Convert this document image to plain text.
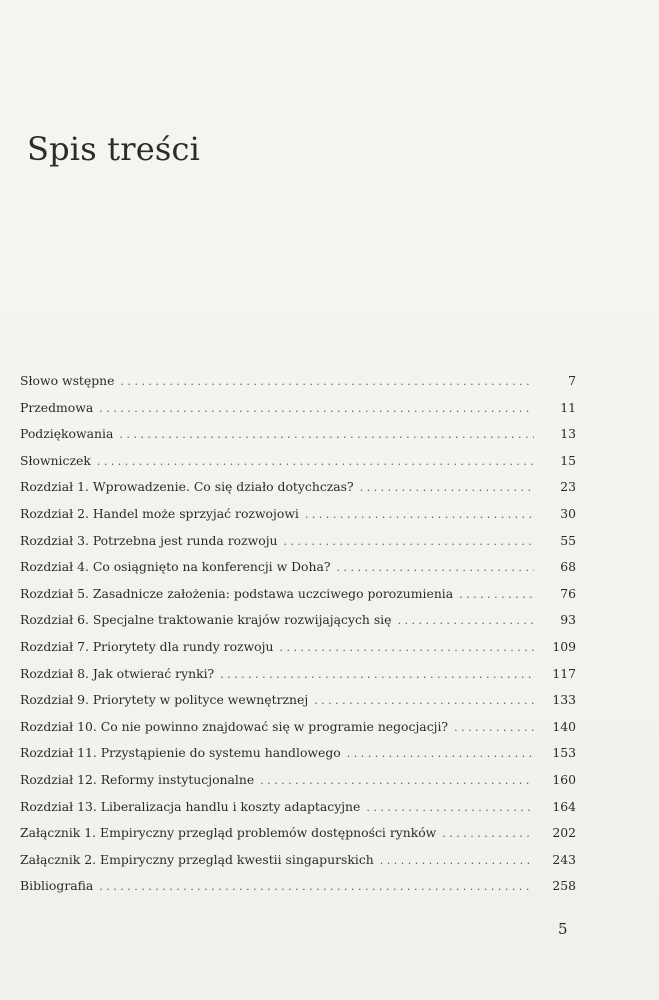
Spis treści
Słowo wstępne . . .	7
Przedmowa . . .	11
Podziękowania . . .	13
Słowniczek . . .	15
Rozdział 1. Wprowadzenie. Co się działo dotychczas? . . .	23
Rozdział 2. Handel może sprzyjać rozwojowi . . .	30
Rozdział 3. Potrzebna jest runda rozwoju . . .	55
Rozdział 4. Co osiągnięto na konferencji w Doha? . . .	68
Rozdział 5. Zasadnicze założenia: podstawa uczciwego porozumienia . . .	76
Rozdział 6. Specjalne traktowanie krajów rozwijających się . . .	93
Rozdział 7. Priorytety dla rundy rozwoju . . .	109
Rozdział 8. Jak otwierać rynki? . . .	117
Rozdział 9. Priorytety w polityce wewnętrznej . . .	133
Rozdział 10. Co nie powinno znajdować się w programie negocjacji? . . .	140
Rozdział 11. Przystąpienie do systemu handlowego . . .	153
Rozdział 12. Reformy instytucjonalne . . .	160
Rozdział 13. Liberalizacja handlu i koszty adaptacyjne . . .	164
Załącznik 1. Empiryczny przegląd problemów dostępności rynków . . .	202
Załącznik 2. Empiryczny przegląd kwestii singapurskich . . .	243
Bibliografia . . .	258
5
